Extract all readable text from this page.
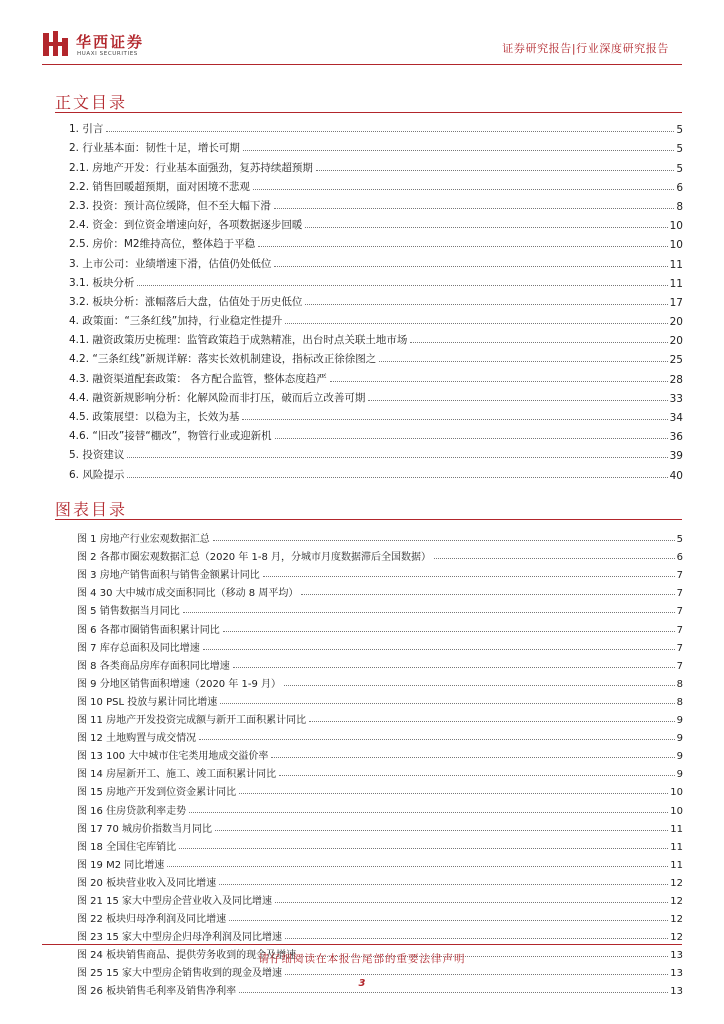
华西证券
HUAXI SECURITIES	证券研究报告|行业深度研究报告
正文目录
1. 引言	5
2. 行业基本面：韧性十足，增长可期	5
2.1. 房地产开发：行业基本面强劲，复苏持续超预期	5
2.2. 销售回暖超预期，面对困境不悲观	6
2.3. 投资：预计高位缓降，但不至大幅下滑	8
2.4. 资金：到位资金增速向好，各项数据逐步回暖	10
2.5. 房价：M2维持高位，整体趋于平稳	10
3. 上市公司：业绩增速下滑，估值仍处低位	11
3.1. 板块分析	11
3.2. 板块分析：涨幅落后大盘，估值处于历史低位	17
4. 政策面：“三条红线”加持，行业稳定性提升	20
4.1. 融资政策历史梳理：监管政策趋于成熟精准，出台时点关联土地市场	20
4.2. “三条红线”新规详解：落实长效机制建设，指标改正徐徐图之	25
4.3. 融资渠道配套政策： 各方配合监管，整体态度趋严	28
4.4. 融资新规影响分析：化解风险而非打压，破而后立改善可期	33
4.5. 政策展望：以稳为主，长效为基	34
4.6. “旧改”接替“棚改”，物管行业或迎新机	36
5. 投资建议	39
6. 风险提示	40
图表目录
图 1 房地产行业宏观数据汇总	5
图 2 各都市圈宏观数据汇总（2020 年 1-8 月，分城市月度数据滞后全国数据）	6
图 3 房地产销售面积与销售金额累计同比	7
图 4 30 大中城市成交面积同比（移动 8 周平均）	7
图 5 销售数据当月同比	7
图 6 各都市圈销售面积累计同比	7
图 7 库存总面积及同比增速	7
图 8 各类商品房库存面积同比增速	7
图 9 分地区销售面积增速（2020 年 1-9 月）	8
图 10 PSL 投放与累计同比增速	8
图 11 房地产开发投资完成额与新开工面积累计同比	9
图 12 土地购置与成交情况	9
图 13 100 大中城市住宅类用地成交溢价率	9
图 14 房屋新开工、施工、竣工面积累计同比	9
图 15 房地产开发到位资金累计同比	10
图 16 住房贷款利率走势	10
图 17 70 城房价指数当月同比	11
图 18 全国住宅库销比	11
图 19 M2 同比增速	11
图 20 板块营业收入及同比增速	12
图 21 15 家大中型房企营业收入及同比增速	12
图 22 板块归母净利润及同比增速	12
图 23 15 家大中型房企归母净利润及同比增速	12
图 24 板块销售商品、提供劳务收到的现金及增速	13
图 25 15 家大中型房企销售收到的现金及增速	13
图 26 板块销售毛利率及销售净利率	13
请仔细阅读在本报告尾部的重要法律声明
3
